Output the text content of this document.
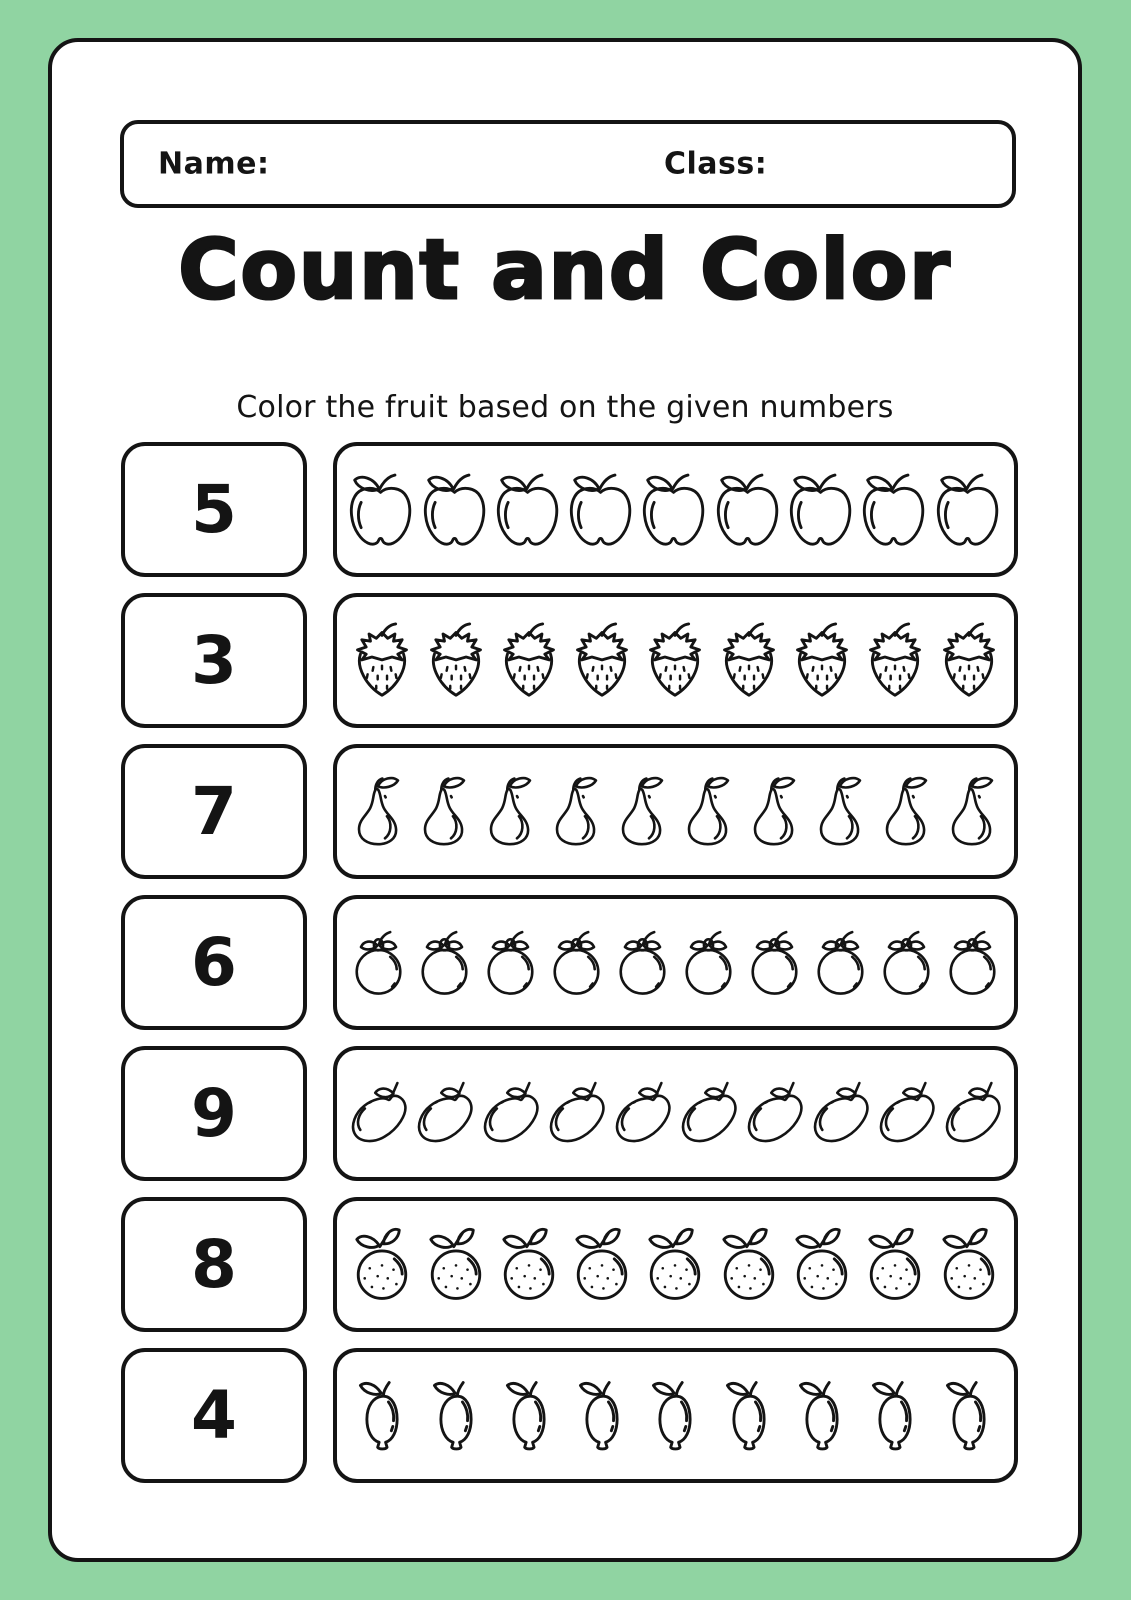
Name:	Class:
Count and Color

Color the fruit based on the given numbers

5
3
7
6
9
8
4
